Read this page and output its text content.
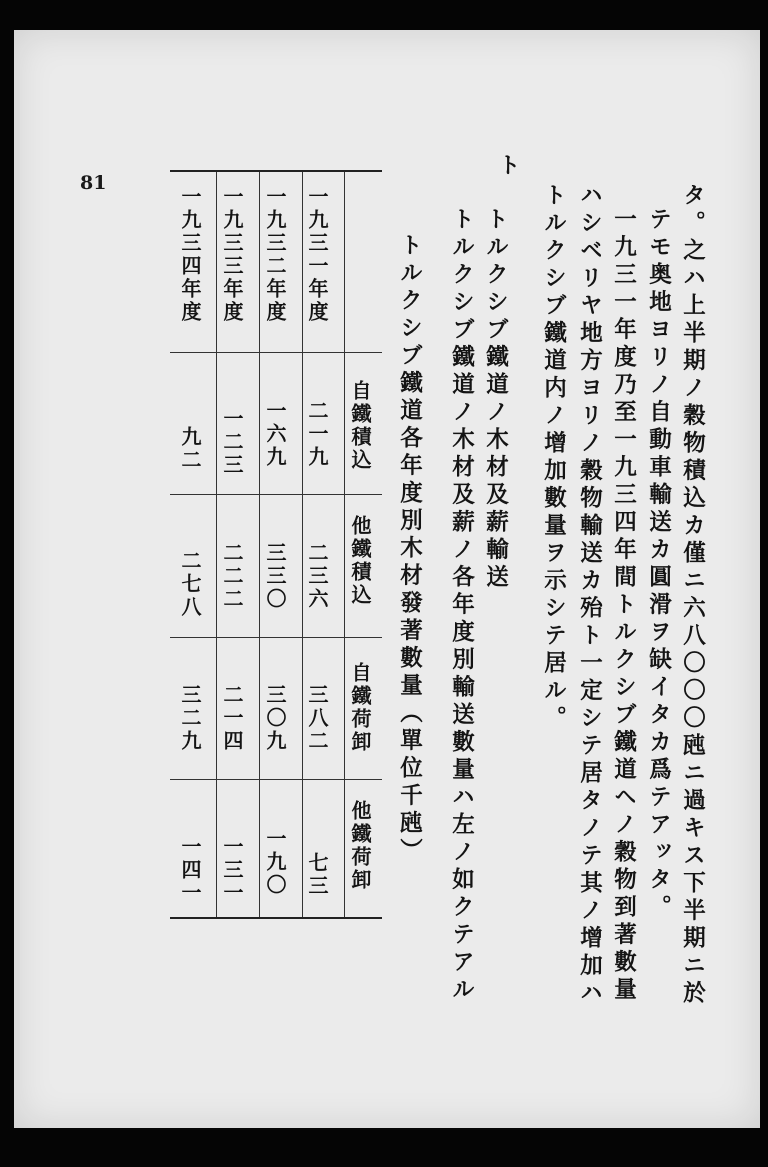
81	タ。之ハ上半期ノ穀物積込カ僅ニ六八〇〇〇瓲ニ過キス下半期ニ於
テモ奥地ヨリノ自動車輸送カ圓滑ヲ缺イタカ爲テアッタ。
一九三一年度乃至一九三四年間トルクシブ鐵道ヘノ穀物到著數量
ハシベリヤ地方ヨリノ穀物輸送カ殆ト一定シテ居タノテ其ノ增加ハ
トルクシブ鐵道内ノ增加數量ヲ示シテ居ル。
ト
トルクシブ鐵道ノ木材及薪輸送
トルクシブ鐵道ノ木材及薪ノ各年度別輸送數量ハ左ノ如クテアル
トルクシブ鐵道各年度別木材發著數量（單位千瓲）
自鐵積込
他鐵積込
自鐵荷卸
他鐵荷卸
一九三一年度
一九三二年度
一九三三年度
一九三四年度
二一九
二三六
三八二
七三
一六九
三三〇
三〇九
一九〇
一二三
二二二
二一四
一三一
九二
二七八
三二九
一四一
